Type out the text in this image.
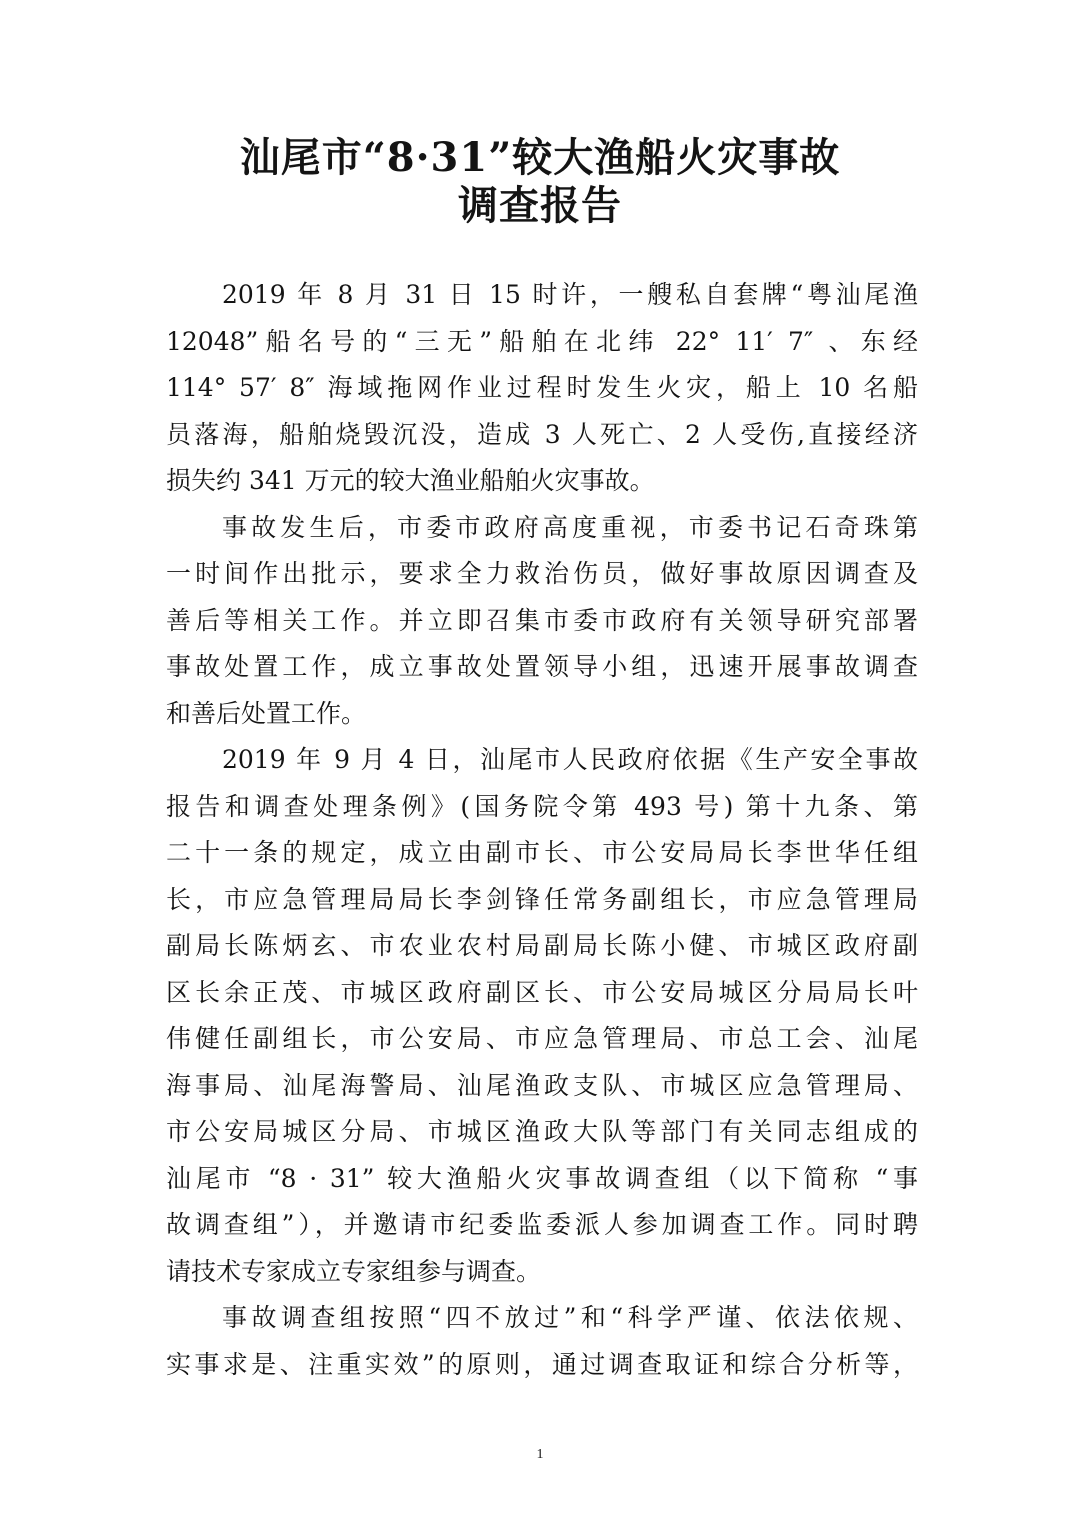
汕尾市“8·31”较大渔船火灾事故
调查报告
2019 年 8 月 31 日 15 时许，一艘私自套牌“粤汕尾渔
12048”船名号的“三无”船舶在北纬 22° 11′ 7″ 、东经
114° 57′ 8″ 海域拖网作业过程时发生火灾，船上 10 名船
员落海，船舶烧毁沉没，造成 3 人死亡、2 人受伤,直接经济
损失约 341 万元的较大渔业船舶火灾事故。
事故发生后，市委市政府高度重视，市委书记石奇珠第
一时间作出批示，要求全力救治伤员，做好事故原因调查及
善后等相关工作。并立即召集市委市政府有关领导研究部署
事故处置工作，成立事故处置领导小组，迅速开展事故调查
和善后处置工作。
2019 年 9 月 4 日，汕尾市人民政府依据《生产安全事故
报告和调查处理条例》(国务院令第 493 号) 第十九条、第
二十一条的规定，成立由副市长、市公安局局长李世华任组
长，市应急管理局局长李剑锋任常务副组长，市应急管理局
副局长陈炳玄、市农业农村局副局长陈小健、市城区政府副
区长余正茂、市城区政府副区长、市公安局城区分局局长叶
伟健任副组长，市公安局、市应急管理局、市总工会、汕尾
海事局、汕尾海警局、汕尾渔政支队、市城区应急管理局、
市公安局城区分局、市城区渔政大队等部门有关同志组成的
汕尾市 “8 · 31” 较大渔船火灾事故调查组（以下简称 “事
故调查组”），并邀请市纪委监委派人参加调查工作。同时聘
请技术专家成立专家组参与调查。
事故调查组按照“四不放过”和“科学严谨、依法依规、
实事求是、注重实效”的原则，通过调查取证和综合分析等，
1
